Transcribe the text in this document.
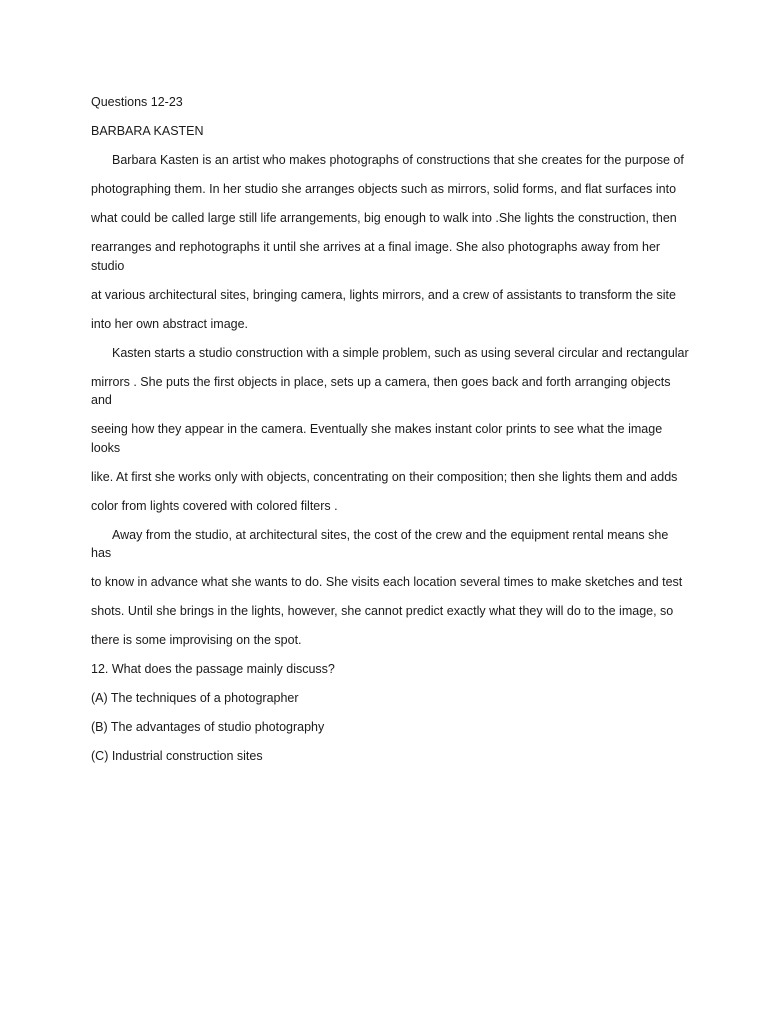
Questions 12-23

BARBARA KASTEN

Barbara Kasten is an artist who makes photographs of constructions that she creates for the purpose of

photographing them. In her studio she arranges objects such as mirrors, solid forms, and flat surfaces into

what could be called large still life arrangements, big enough to walk into .She lights the construction, then

rearranges and rephotographs it until she arrives at a final image. She also photographs away from her studio

at various architectural sites, bringing camera, lights mirrors, and a crew of assistants to transform the site

into her own abstract image.

Kasten starts a studio construction with a simple problem, such as using several circular and rectangular

mirrors . She puts the first objects in place, sets up a camera, then goes back and forth arranging objects and

seeing how they appear in the camera. Eventually she makes instant color prints to see what the image looks

like. At first she works only with objects, concentrating on their composition; then she lights them and adds

color from lights covered with colored filters .

Away from the studio, at architectural sites, the cost of the crew and the equipment rental means she has

to know in advance what she wants to do. She visits each location several times to make sketches and test

shots. Until she brings in the lights, however, she cannot predict exactly what they will do to the image, so

there is some improvising on the spot.

12. What does the passage mainly discuss?

(A) The techniques of a photographer

(B) The advantages of studio photography

(C) Industrial construction sites
